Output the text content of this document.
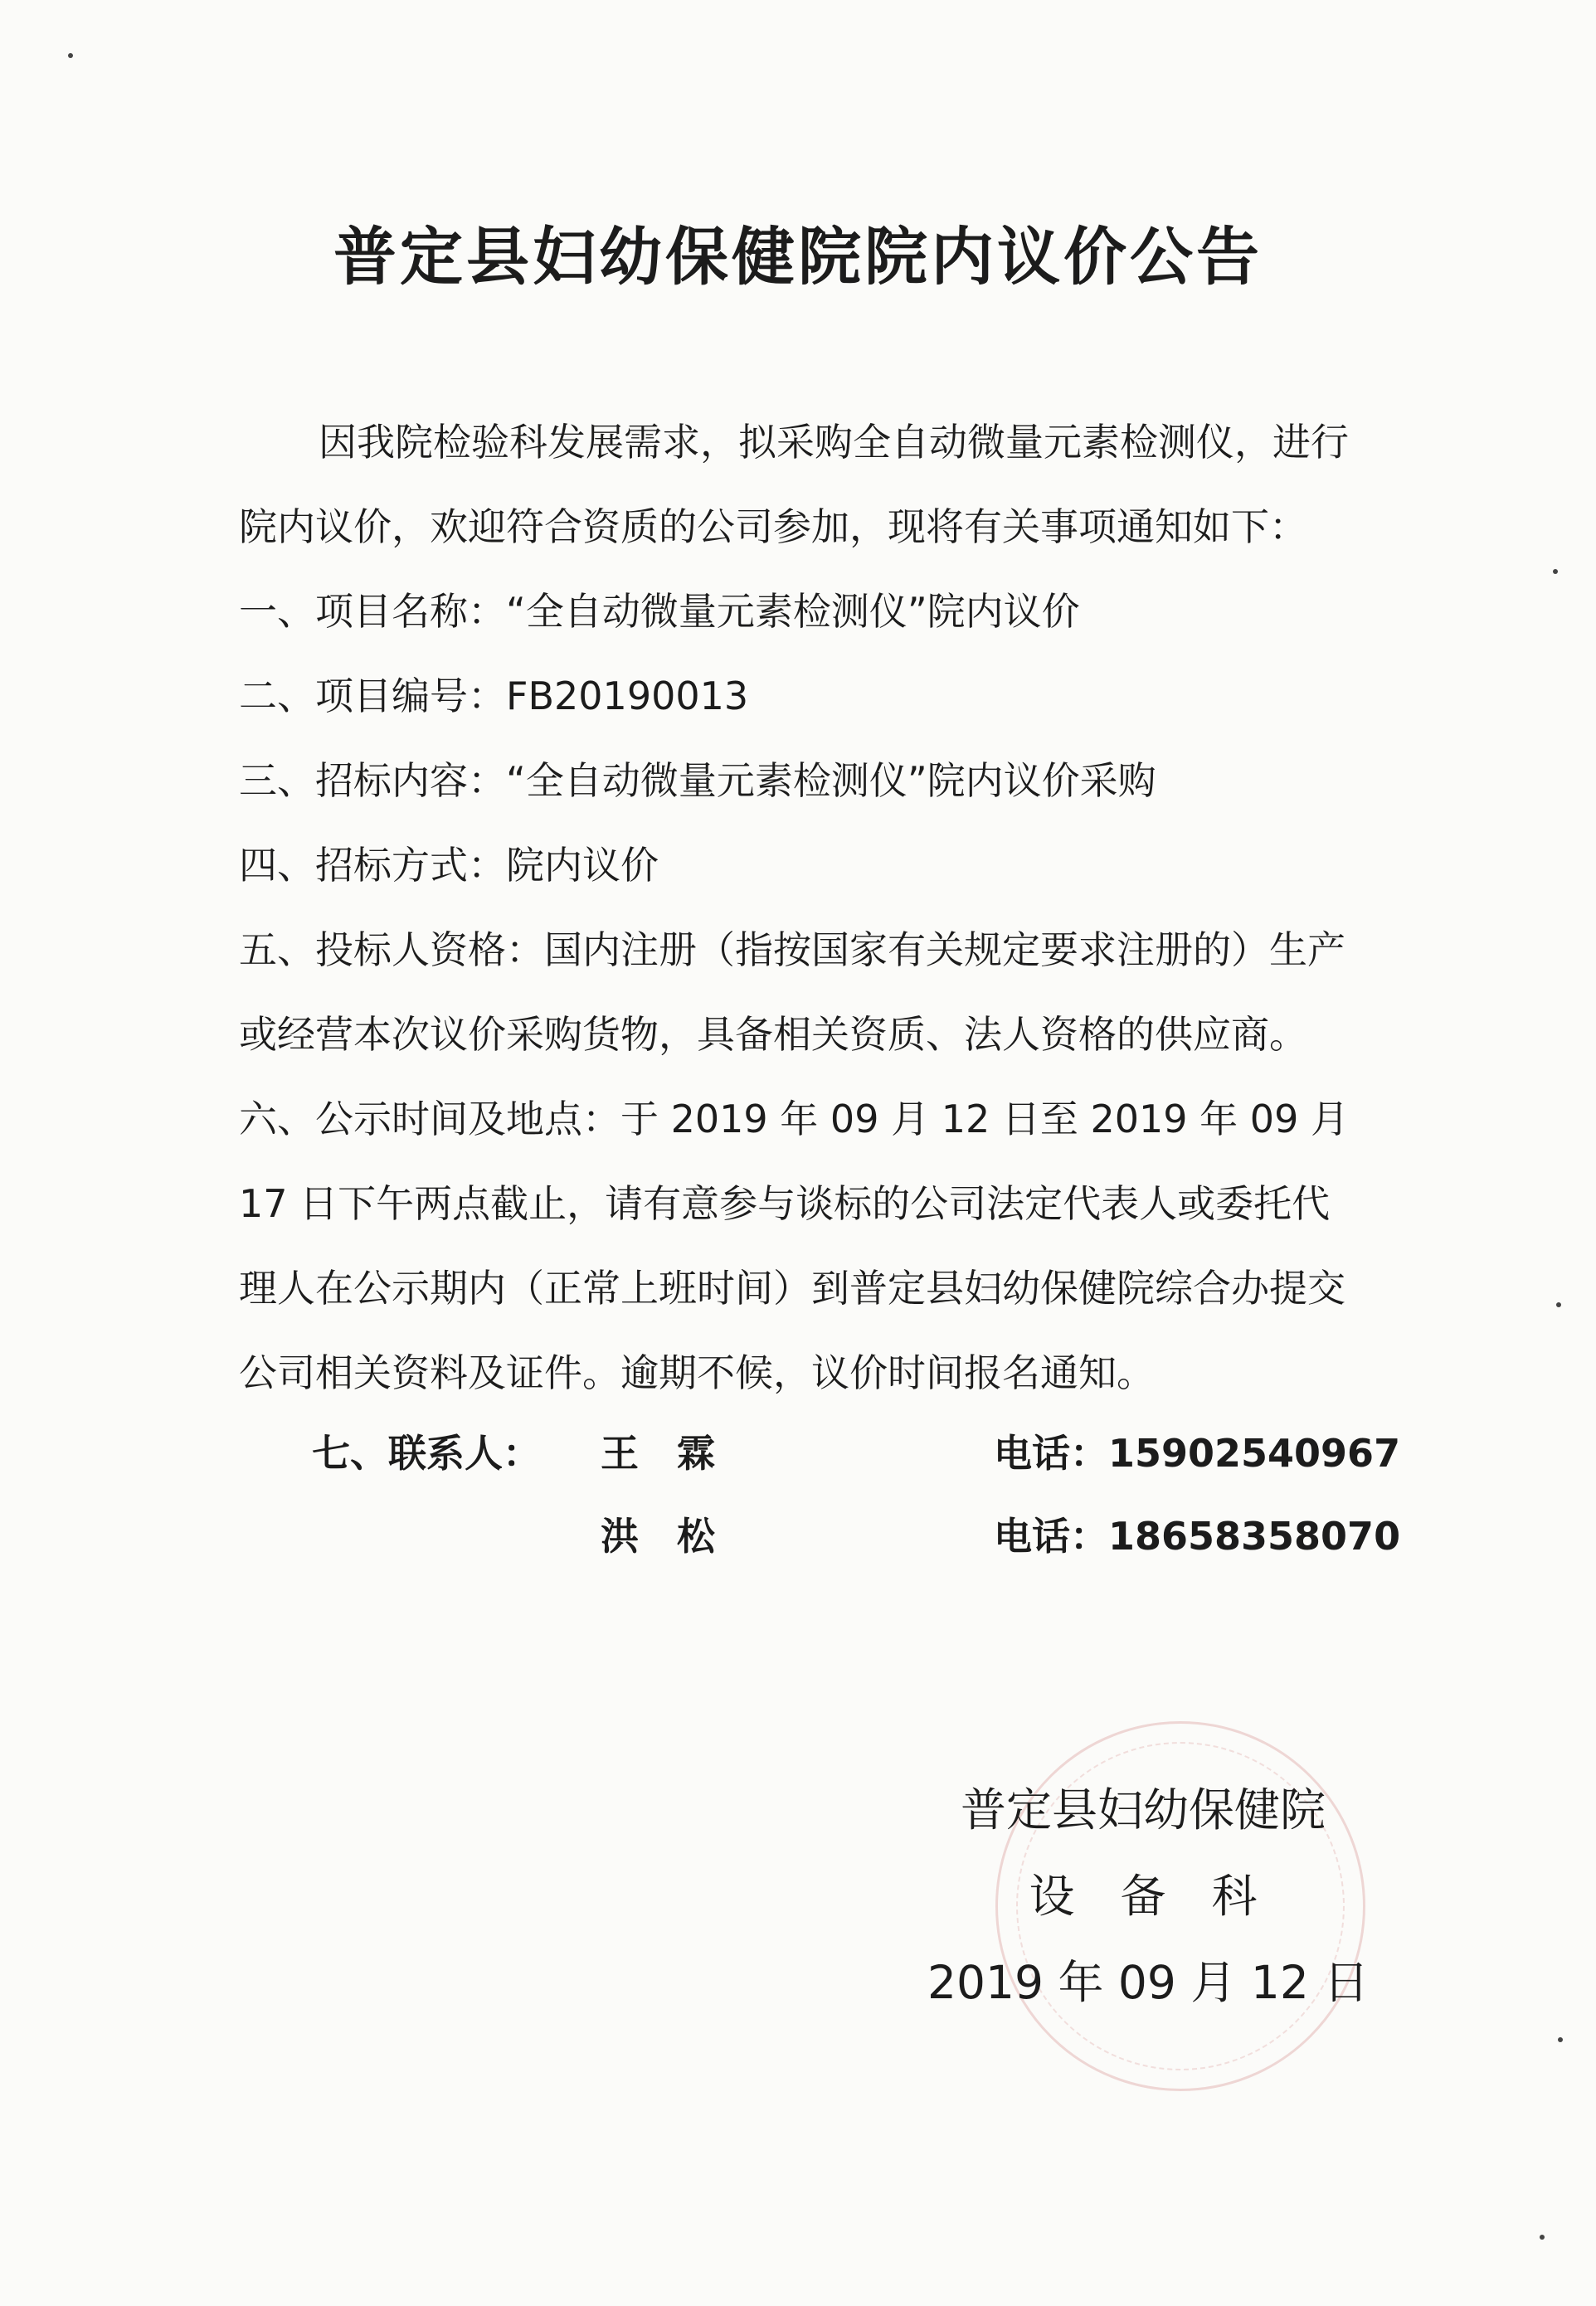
普定县妇幼保健院院内议价公告

因我院检验科发展需求，拟采购全自动微量元素检测仪，进行院内议价，欢迎符合资质的公司参加，现将有关事项通知如下：

一、项目名称：“全自动微量元素检测仪”院内议价

二、项目编号：FB20190013

三、招标内容：“全自动微量元素检测仪”院内议价采购

四、招标方式：院内议价

五、投标人资格：国内注册（指按国家有关规定要求注册的）生产或经营本次议价采购货物，具备相关资质、法人资格的供应商。

六、公示时间及地点：于 2019 年 09 月 12 日至 2019 年 09 月 17 日下午两点截止，请有意参与谈标的公司法定代表人或委托代理人在公示期内（正常上班时间）到普定县妇幼保健院综合办提交公司相关资料及证件。逾期不候，议价时间报名通知。

七、联系人： 王　霖	电话：15902540967
洪　松	电话：18658358070
普定县妇幼保健院
设　备　科
2019 年 09 月 12 日
